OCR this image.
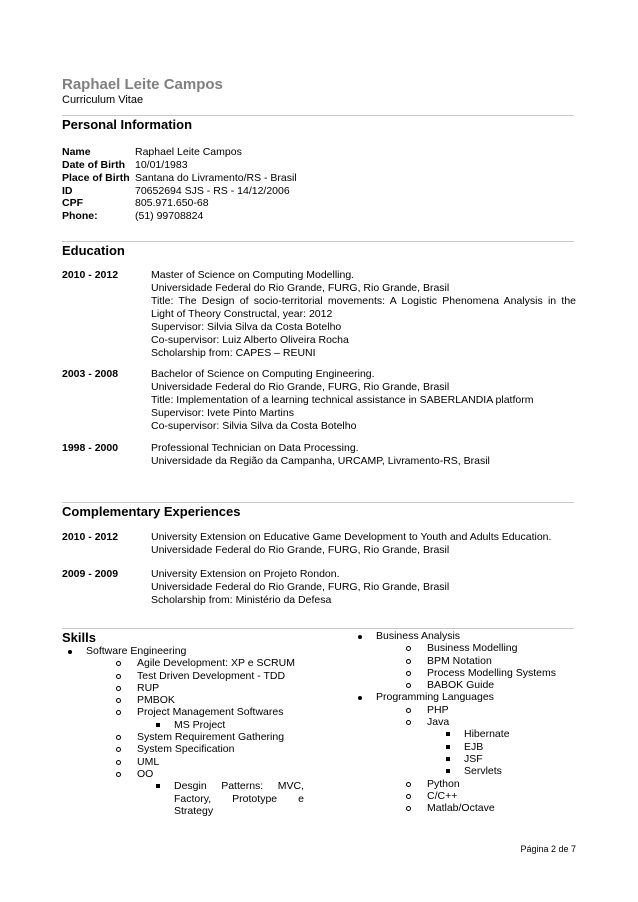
Raphael Leite Campos
Curriculum Vitae
Personal Information
Name	Raphael Leite Campos
Date of Birth 10/01/1983
Place of Birth Santana do Livramento/RS - Brasil
ID	70652694 SJS - RS - 14/12/2006
CPF	805.971.650-68
Phone:	(51) 99708824
Education
2010 - 2012	Master of Science on Computing Modelling.
Universidade Federal do Rio Grande, FURG, Rio Grande, Brasil
Title: The Design of socio-territorial movements: A Logistic Phenomena Analysis in the
Light of Theory Constructal, year: 2012
Supervisor: Silvia Silva da Costa Botelho
Co-supervisor: Luiz Alberto Oliveira Rocha
Scholarship from: CAPES – REUNI
2003 - 2008	Bachelor of Science on Computing Engineering.
Universidade Federal do Rio Grande, FURG, Rio Grande, Brasil
Title: Implementation of a learning technical assistance in SABERLANDIA platform
Supervisor: Ivete Pinto Martins
Co-supervisor: Silvia Silva da Costa Botelho
1998 - 2000	Professional Technician on Data Processing.
Universidade da Região da Campanha, URCAMP, Livramento-RS, Brasil
Complementary Experiences
2010 - 2012	University Extension on Educative Game Development to Youth and Adults Education.
Universidade Federal do Rio Grande, FURG, Rio Grande, Brasil
2009 - 2009	University Extension on Projeto Rondon.
Universidade Federal do Rio Grande, FURG, Rio Grande, Brasil
Scholarship from: Ministério da Defesa
Skills
Software Engineering
Agile Development: XP e SCRUM
Test Driven Development - TDD
RUP
PMBOK
Project Management Softwares
MS Project
System Requirement Gathering
System Specification
UML
OO
Desgin Patterns: MVC, Factory, Prototype e Strategy
Business Analysis
Business Modelling
BPM Notation
Process Modelling Systems
BABOK Guide
Programming Languages
PHP
Java
Hibernate
EJB
JSF
Servlets
Python
C/C++
Matlab/Octave
Página 2 de 7
